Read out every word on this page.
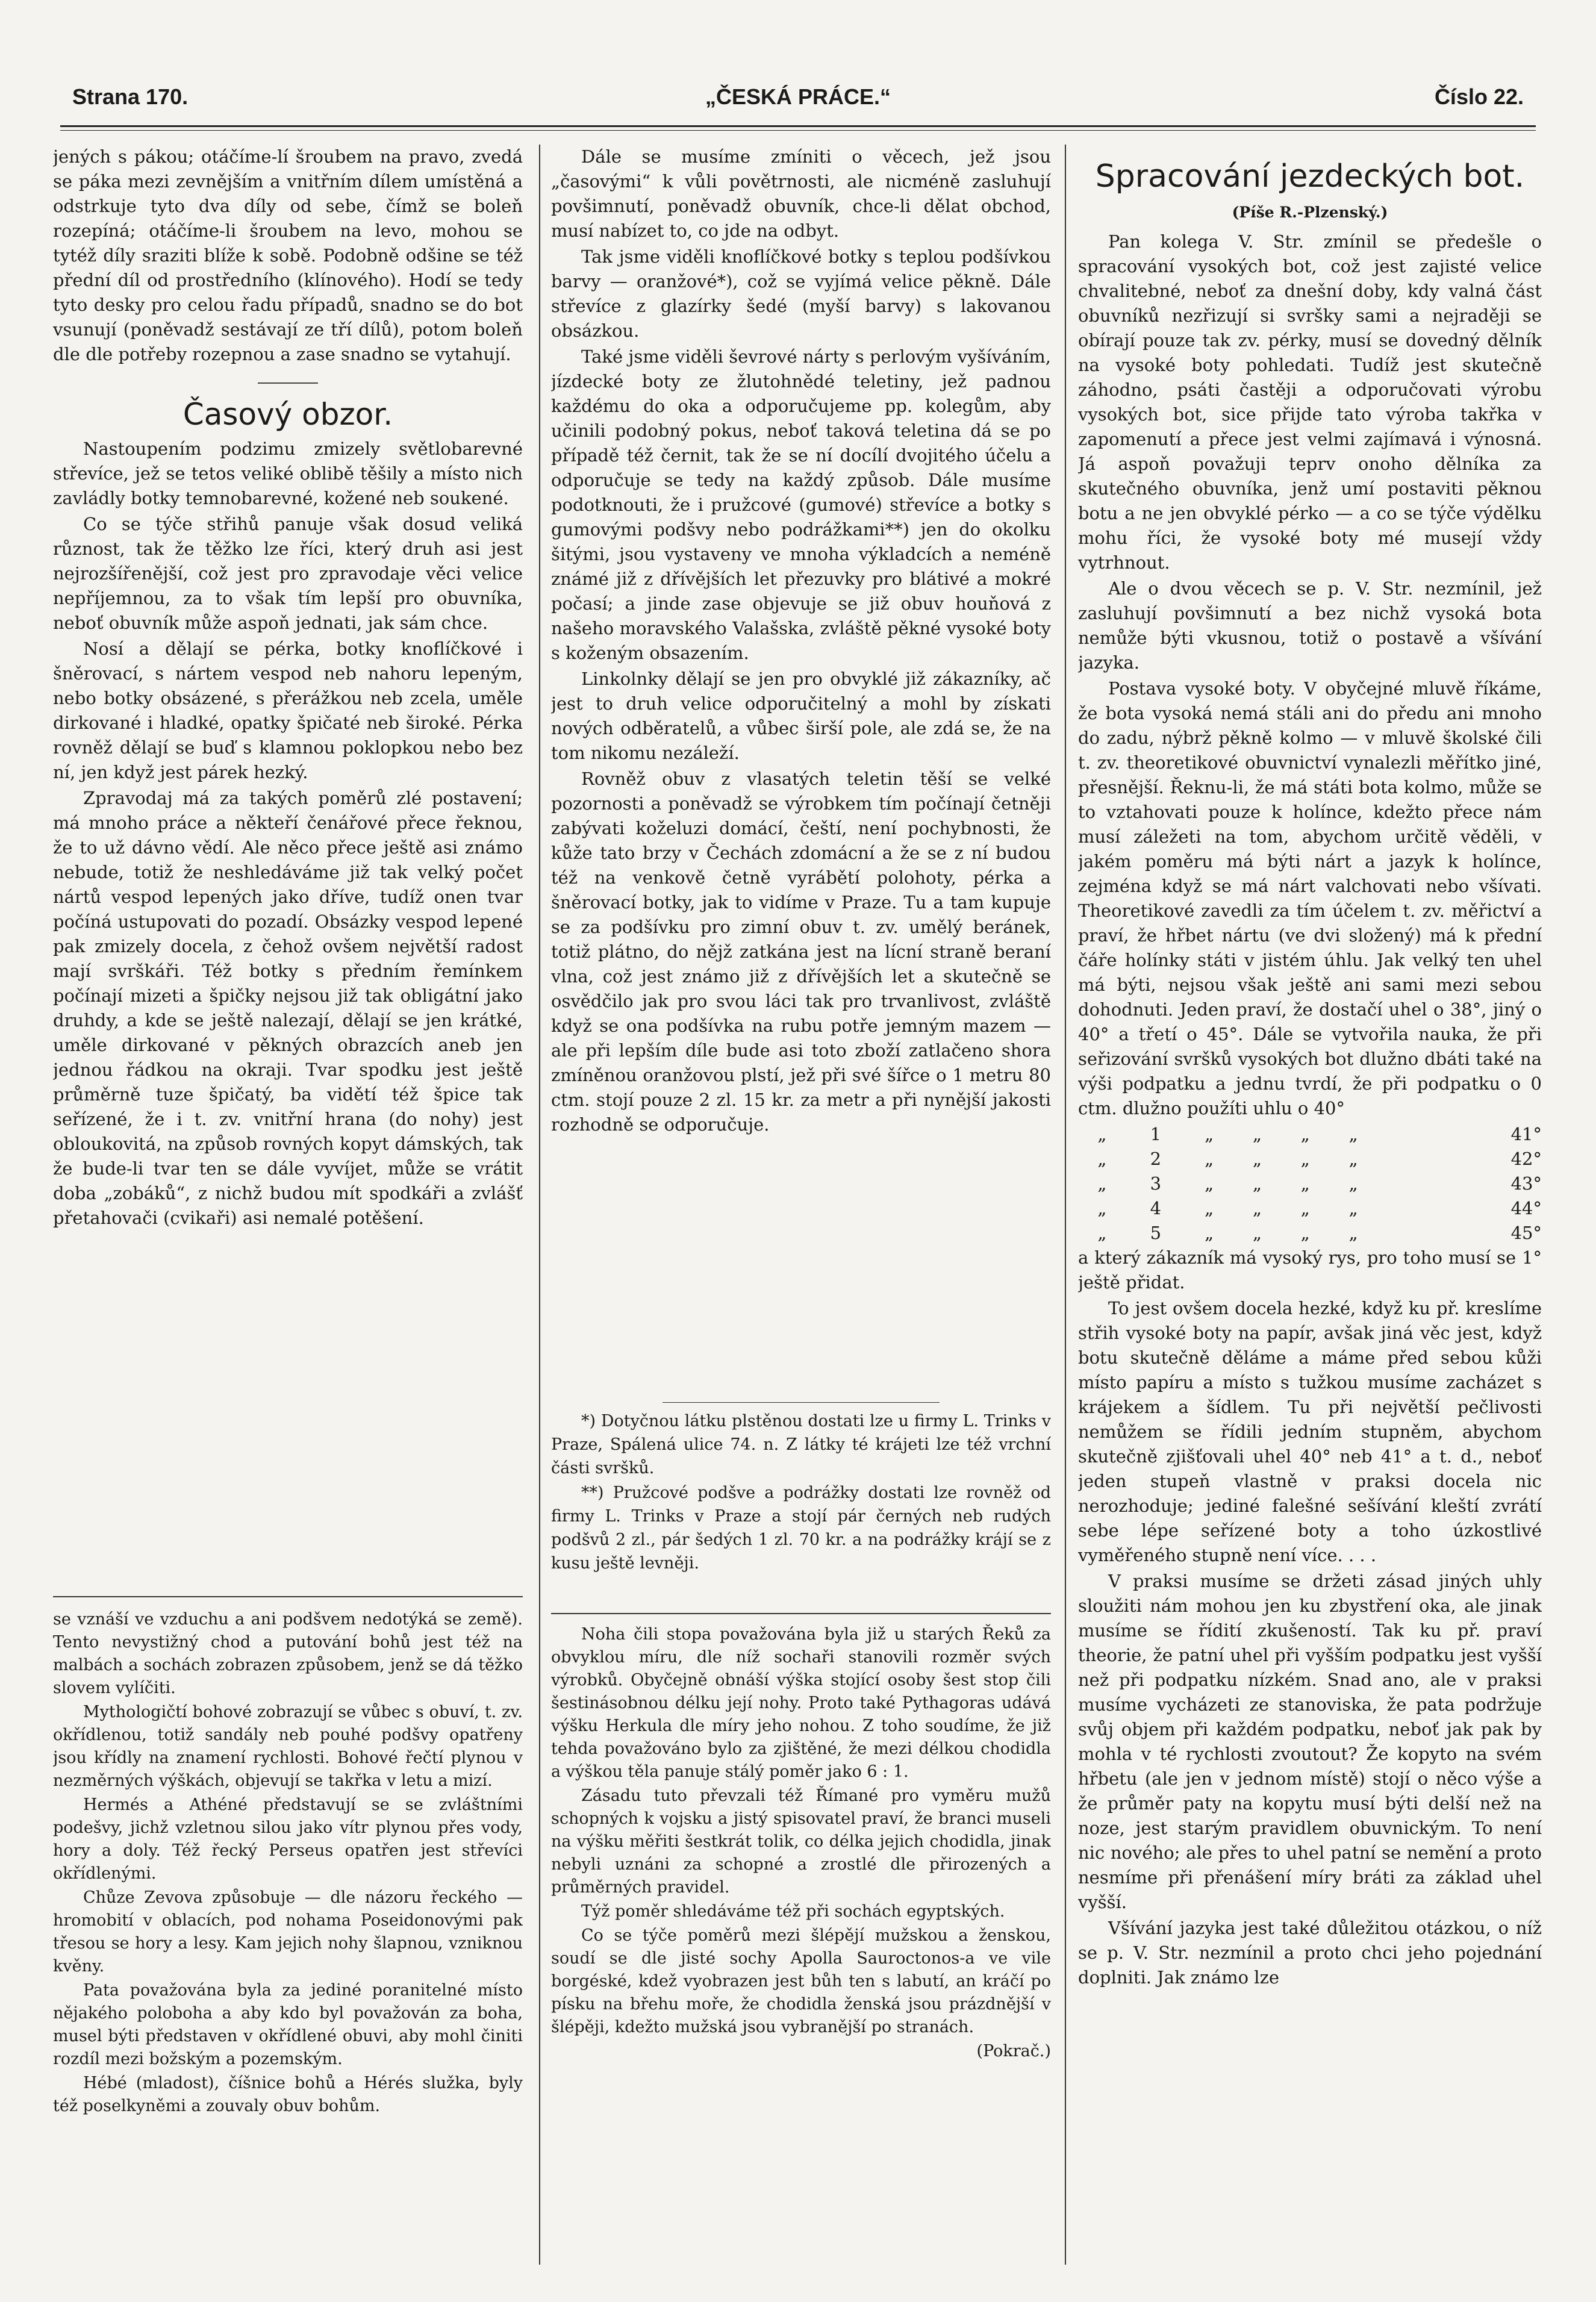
Strana 170.	„ČESKÁ PRÁCE.“	Číslo 22.

jených s pákou; otáčíme-lí šroubem na pravo, zvedá se páka mezi zevnějším a vnitřním dílem umístěná a odstrkuje tyto dva díly od sebe, čímž se boleň rozepíná; otáčíme-li šroubem na levo, mohou se tytéž díly sraziti blíže k sobě. Podobně odšine se též přední díl od prostředního (klínového). Hodí se tedy tyto desky pro celou řadu případů, snadno se do bot vsunují (poněvadž sestávají ze tří dílů), potom boleň dle dle potřeby rozepnou a zase snadno se vytahují.

Časový obzor.

Nastoupením podzimu zmizely světlobarevné střevíce, jež se tetos veliké oblibě těšily a místo nich zavládly botky temnobarevné, kožené neb soukené.

Co se týče střihů panuje však dosud veliká různost, tak že těžko lze říci, který druh asi jest nejrozšířenější, což jest pro zpravodaje věci velice nepříjemnou, za to však tím lepší pro obuvníka, neboť obuvník může aspoň jednati, jak sám chce.

Nosí a dělají se pérka, botky knoflíčkové i šněrovací, s nártem vespod neb nahoru lepeným, nebo botky obsázené, s přerážkou neb zcela, uměle dirkované i hladké, opatky špičaté neb široké. Pérka rovněž dělají se buď s klamnou poklopkou nebo bez ní, jen když jest párek hezký.

Zpravodaj má za takých poměrů zlé postavení; má mnoho práce a někteří čenářové přece řeknou, že to už dávno vědí. Ale něco přece ještě asi známo nebude, totiž že neshledáváme již tak velký počet nártů vespod lepených jako dříve, tudíž onen tvar počíná ustupovati do pozadí. Obsázky vespod lepené pak zmizely docela, z čehož ovšem největší radost mají svrškáři. Též botky s předním řemínkem počínají mizeti a špičky nejsou již tak obligátní jako druhdy, a kde se ještě nalezají, dělají se jen krátké, uměle dirkované v pěkných obrazcích aneb jen jednou řádkou na okraji. Tvar spodku jest ještě průměrně tuze špičatý, ba vidětí též špice tak seřízené, že i t. zv. vnitřní hrana (do nohy) jest obloukovitá, na způsob rovných kopyt dámských, tak že bude-li tvar ten se dále vyvíjet, může se vrátit doba „zobáků“, z nichž budou mít spodkáři a zvlášť přetahovači (cvikaři) asi nemalé potěšení.

se vznáší ve vzduchu a ani podšvem nedotýká se země). Tento nevystižný chod a putování bohů jest též na malbách a sochách zobrazen způsobem, jenž se dá těžko slovem vylíčiti.

Mythologičtí bohové zobrazují se vůbec s obuví, t. zv. okřídlenou, totiž sandály neb pouhé podšvy opatřeny jsou křídly na znamení rychlosti. Bohové řečtí plynou v nezměrných výškách, objevují se takřka v letu a mizí.

Hermés a Athéné představují se se zvláštními podešvy, jichž vzletnou silou jako vítr plynou přes vody, hory a doly. Též řecký Perseus opatřen jest střevíci okřídlenými.

Chůze Zevova způsobuje — dle názoru řeckého — hromobití v oblacích, pod nohama Poseidonovými pak třesou se hory a lesy. Kam jejich nohy šlapnou, vzniknou kvěny.

Pata považována byla za jediné poranitelné místo nějakého poloboha a aby kdo byl považován za boha, musel býti představen v okřídlené obuvi, aby mohl činiti rozdíl mezi božským a pozemským.

Hébé (mladost), číšnice bohů a Hérés služka, byly též poselkyněmi a zouvaly obuv bohům.

Dále se musíme zmíniti o věcech, jež jsou „časovými“ k vůli povětrnosti, ale nicméně zasluhují povšimnutí, poněvadž obuvník, chce-li dělat obchod, musí nabízet to, co jde na odbyt.

Tak jsme viděli knoflíčkové botky s teplou podšívkou barvy — oranžové*), což se vyjímá velice pěkně. Dále střevíce z glazírky šedé (myší barvy) s lakovanou obsázkou.

Také jsme viděli ševrové nárty s perlovým vyšíváním, jízdecké boty ze žlutohnědé teletiny, jež padnou každému do oka a odporučujeme pp. kolegům, aby učinili podobný pokus, neboť taková teletina dá se po případě též černit, tak že se ní docílí dvojitého účelu a odporučuje se tedy na každý způsob. Dále musíme podotknouti, že i pružcové (gumové) střevíce a botky s gumovými podšvy nebo podrážkami**) jen do okolku šitými, jsou vystaveny ve mnoha výkladcích a neméně známé již z dřívějších let přezuvky pro blátivé a mokré počasí; a jinde zase objevuje se již obuv houňová z našeho moravského Valašska, zvláště pěkné vysoké boty s koženým obsazením.

Linkolnky dělají se jen pro obvyklé již zákazníky, ač jest to druh velice odporučitelný a mohl by získati nových odběratelů, a vůbec širší pole, ale zdá se, že na tom nikomu nezáleží.

Rovněž obuv z vlasatých teletin těší se velké pozornosti a poněvadž se výrobkem tím počínají četněji zabývati koželuzi domácí, čeští, není pochybnosti, že kůže tato brzy v Čechách zdomácní a že se z ní budou též na venkově četně vyrábětí polohoty, pérka a šněrovací botky, jak to vidíme v Praze. Tu a tam kupuje se za podšívku pro zimní obuv t. zv. umělý beránek, totiž plátno, do nějž zatkána jest na lícní straně beraní vlna, což jest známo již z dřívějších let a skutečně se osvědčilo jak pro svou láci tak pro trvanlivost, zvláště když se ona podšívka na rubu potře jemným mazem — ale při lepším díle bude asi toto zboží zatlačeno shora zmíněnou oranžovou plstí, jež při své šířce o 1 metru 80 ctm. stojí pouze 2 zl. 15 kr. za metr a při nynější jakosti rozhodně se odporučuje.

*) Dotyčnou látku plstěnou dostati lze u firmy L. Trinks v Praze, Spálená ulice 74. n. Z látky té krájeti lze též vrchní části svršků.

**) Pružcové podšve a podrážky dostati lze rovněž od firmy L. Trinks v Praze a stojí pár černých neb rudých podšvů 2 zl., pár šedých 1 zl. 70 kr. a na podrážky krájí se z kusu ještě levněji.

Noha čili stopa považována byla již u starých Řeků za obvyklou míru, dle níž sochaři stanovili rozměr svých výrobků. Obyčejně obnáší výška stojící osoby šest stop čili šestinásobnou délku její nohy. Proto také Pythagoras udává výšku Herkula dle míry jeho nohou. Z toho soudíme, že již tehda považováno bylo za zjištěné, že mezi délkou chodidla a výškou těla panuje stálý poměr jako 6 : 1.

Zásadu tuto převzali též Římané pro vyměru mužů schopných k vojsku a jistý spisovatel praví, že branci museli na výšku měřiti šestkrát tolik, co délka jejich chodidla, jinak nebyli uznáni za schopné a zrostlé dle přirozených a průměrných pravidel.

Týž poměr shledáváme též při sochách egyptských.

Co se týče poměrů mezi šlépějí mužskou a ženskou, soudí se dle jisté sochy Apolla Sauroctonos-a ve vile borgéské, kdež vyobrazen jest bůh ten s labutí, an kráčí po písku na břehu moře, že chodidla ženská jsou prázdnější v šlépěji, kdežto mužská jsou vybranější po stranách.

(Pokrač.)
Spracování jezdeckých bot.
(Píše R.-Plzenský.)

Pan kolega V. Str. zmínil se předešle o spracování vysokých bot, což jest zajisté velice chvalitebné, neboť za dnešní doby, kdy valná část obuvníků nezřizují si svršky sami a nejraději se obírají pouze tak zv. pérky, musí se dovedný dělník na vysoké boty pohledati. Tudíž jest skutečně záhodno, psáti častěji a odporučovati výrobu vysokých bot, sice přijde tato výroba takřka v zapomenutí a přece jest velmi zajímavá i výnosná. Já aspoň považuji teprv onoho dělníka za skutečného obuvníka, jenž umí postaviti pěknou botu a ne jen obvyklé pérko — a co se týče výdělku mohu říci, že vysoké boty mé musejí vždy vytrhnout.

Ale o dvou věcech se p. V. Str. nezmínil, jež zasluhují povšimnutí a bez nichž vysoká bota nemůže býti vkusnou, totiž o postavě a všívání jazyka.

Postava vysoké boty. V obyčejné mluvě říkáme, že bota vysoká nemá stáli ani do předu ani mnoho do zadu, nýbrž pěkně kolmo — v mluvě školské čili t. zv. theoretikové obuvnictví vynalezli měřítko jiné, přesnější. Řeknu-li, že má státi bota kolmo, může se to vztahovati pouze k holínce, kdežto přece nám musí záležeti na tom, abychom určitě věděli, v jakém poměru má býti nárt a jazyk k holínce, zejména když se má nárt valchovati nebo všívati. Theoretikové zavedli za tím účelem t. zv. měřictví a praví, že hřbet nártu (ve dvi složený) má k přední čáře holínky státi v jistém úhlu. Jak velký ten uhel má býti, nejsou však ještě ani sami mezi sebou dohodnuti. Jeden praví, že dostačí uhel o 38°, jiný o 40° a třetí o 45°. Dále se vytvořila nauka, že při seřizování svršků vysokých bot dlužno dbáti také na výši podpatku a jednu tvrdí, že při podpatku o 0 ctm. dlužno použíti uhlu o 40°

„	1	„	„	„	„	41°
„	2	„	„	„	„	42°
„	3	„	„	„	„	43°
„	4	„	„	„	„	44°
„	5	„	„	„	„	45°

a který zákazník má vysoký rys, pro toho musí se 1° ještě přidat.

To jest ovšem docela hezké, když ku př. kreslíme střih vysoké boty na papír, avšak jiná věc jest, když botu skutečně děláme a máme před sebou kůži místo papíru a místo s tužkou musíme zacházet s krájekem a šídlem. Tu při největší pečlivosti nemůžem se řídili jedním stupněm, abychom skutečně zjišťovali uhel 40° neb 41° a t. d., neboť jeden stupeň vlastně v praksi docela nic nerozhoduje; jediné falešné sešívání kleští zvrátí sebe lépe seřízené boty a toho úzkostlivé vyměřeného stupně není více. . . .

V praksi musíme se držeti zásad jiných uhly sloužiti nám mohou jen ku zbystření oka, ale jinak musíme se řídití zkušeností. Tak ku př. praví theorie, že patní uhel při vyšším podpatku jest vyšší než při podpatku nízkém. Snad ano, ale v praksi musíme vycházeti ze stanoviska, že pata podržuje svůj objem při každém podpatku, neboť jak pak by mohla v té rychlosti zvoutout? Že kopyto na svém hřbetu (ale jen v jednom místě) stojí o něco výše a že průměr paty na kopytu musí býti delší než na noze, jest starým pravidlem obuvnickým. To není nic nového; ale přes to uhel patní se nemění a proto nesmíme při přenášení míry bráti za základ uhel vyšší.

Všívání jazyka jest také důležitou otázkou, o níž se p. V. Str. nezmínil a proto chci jeho pojednání doplniti. Jak známo lze
